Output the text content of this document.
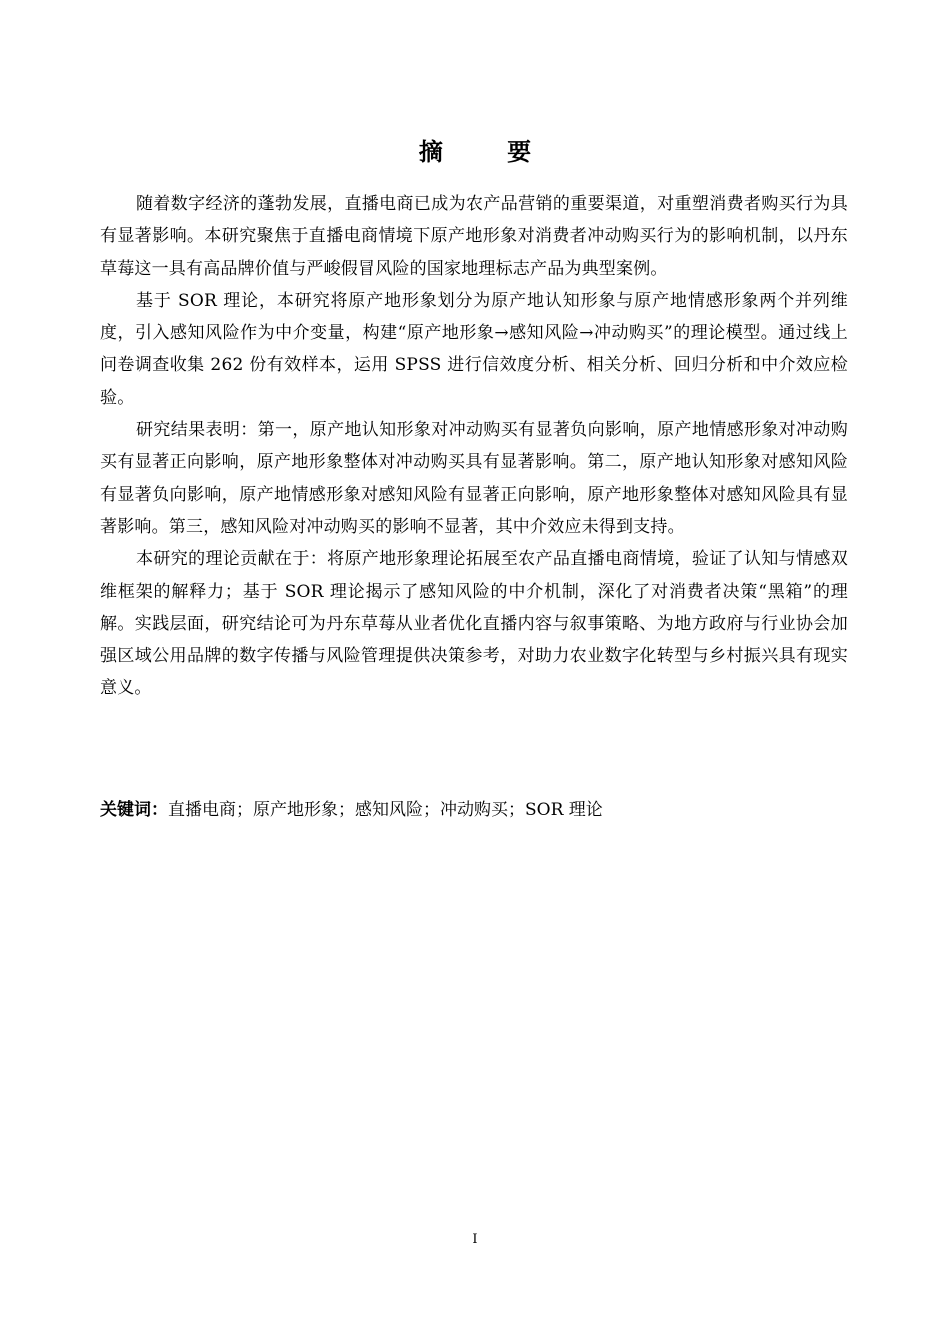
摘 要

随着数字经济的蓬勃发展，直播电商已成为农产品营销的重要渠道，对重塑消费者购买行为具有显著影响。本研究聚焦于直播电商情境下原产地形象对消费者冲动购买行为的影响机制，以丹东草莓这一具有高品牌价值与严峻假冒风险的国家地理标志产品为典型案例。

基于 SOR 理论，本研究将原产地形象划分为原产地认知形象与原产地情感形象两个并列维度，引入感知风险作为中介变量，构建“原产地形象→感知风险→冲动购买”的理论模型。通过线上问卷调查收集 262 份有效样本，运用 SPSS 进行信效度分析、相关分析、回归分析和中介效应检验。

研究结果表明：第一，原产地认知形象对冲动购买有显著负向影响，原产地情感形象对冲动购买有显著正向影响，原产地形象整体对冲动购买具有显著影响。第二，原产地认知形象对感知风险有显著负向影响，原产地情感形象对感知风险有显著正向影响，原产地形象整体对感知风险具有显著影响。第三，感知风险对冲动购买的影响不显著，其中介效应未得到支持。

本研究的理论贡献在于：将原产地形象理论拓展至农产品直播电商情境，验证了认知与情感双维框架的解释力；基于 SOR 理论揭示了感知风险的中介机制，深化了对消费者决策“黑箱”的理解。实践层面，研究结论可为丹东草莓从业者优化直播内容与叙事策略、为地方政府与行业协会加强区域公用品牌的数字传播与风险管理提供决策参考，对助力农业数字化转型与乡村振兴具有现实意义。

关键词：直播电商；原产地形象；感知风险；冲动购买；SOR 理论
I
